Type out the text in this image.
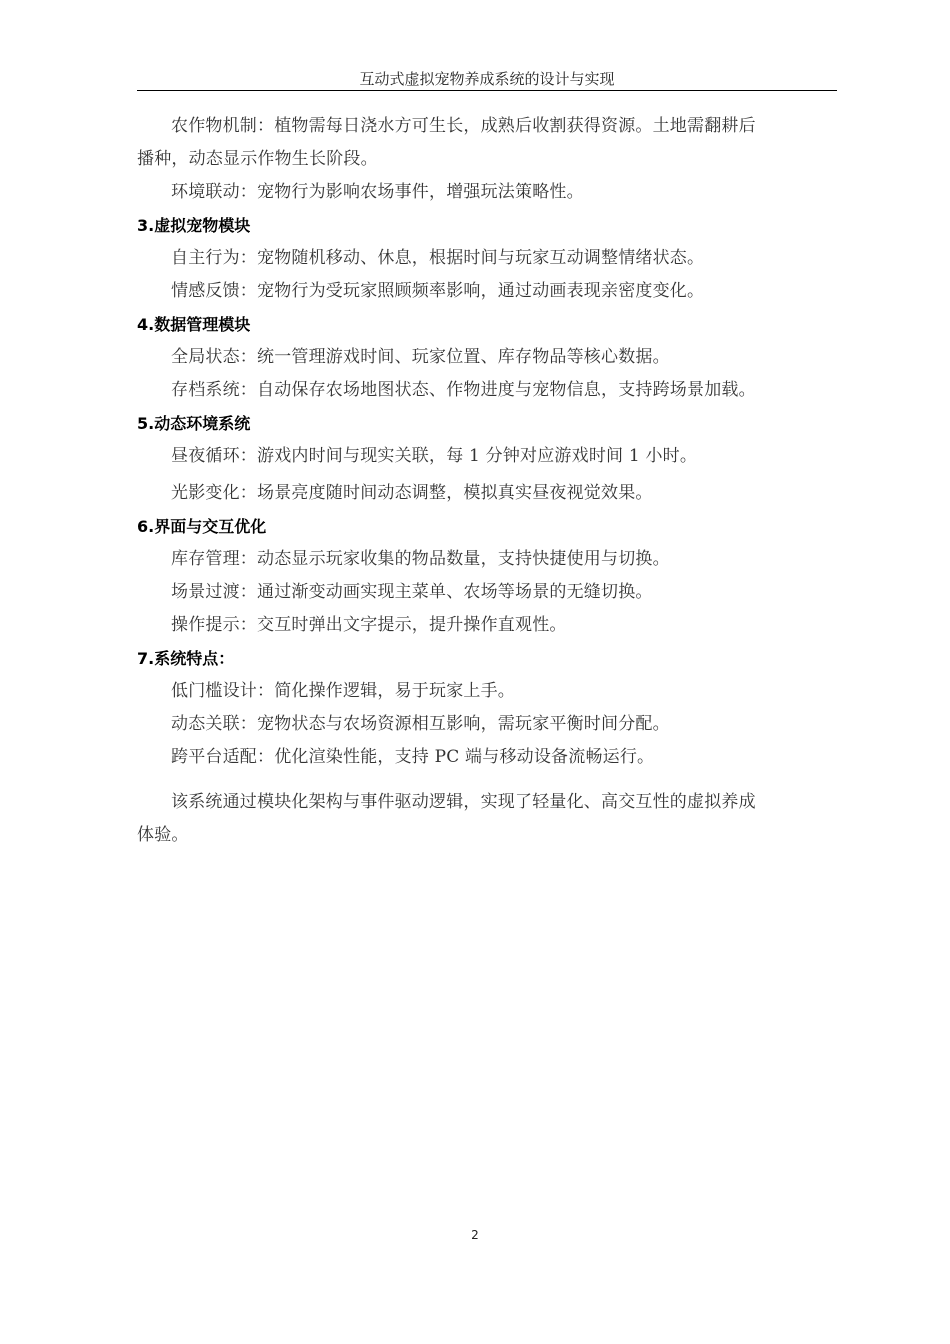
互动式虚拟宠物养成系统的设计与实现

农作物机制：植物需每日浇水方可生长，成熟后收割获得资源。土地需翻耕后

播种，动态显示作物生长阶段。

环境联动：宠物行为影响农场事件，增强玩法策略性。

3.虚拟宠物模块

自主行为：宠物随机移动、休息，根据时间与玩家互动调整情绪状态。

情感反馈：宠物行为受玩家照顾频率影响，通过动画表现亲密度变化。

4.数据管理模块

全局状态：统一管理游戏时间、玩家位置、库存物品等核心数据。

存档系统：自动保存农场地图状态、作物进度与宠物信息，支持跨场景加载。

5.动态环境系统

昼夜循环：游戏内时间与现实关联，每 1 分钟对应游戏时间 1 小时。

光影变化：场景亮度随时间动态调整，模拟真实昼夜视觉效果。

6.界面与交互优化

库存管理：动态显示玩家收集的物品数量，支持快捷使用与切换。

场景过渡：通过渐变动画实现主菜单、农场等场景的无缝切换。

操作提示：交互时弹出文字提示，提升操作直观性。

7.系统特点：

低门槛设计：简化操作逻辑，易于玩家上手。

动态关联：宠物状态与农场资源相互影响，需玩家平衡时间分配。

跨平台适配：优化渲染性能，支持 PC 端与移动设备流畅运行。

该系统通过模块化架构与事件驱动逻辑，实现了轻量化、高交互性的虚拟养成

体验。

2
